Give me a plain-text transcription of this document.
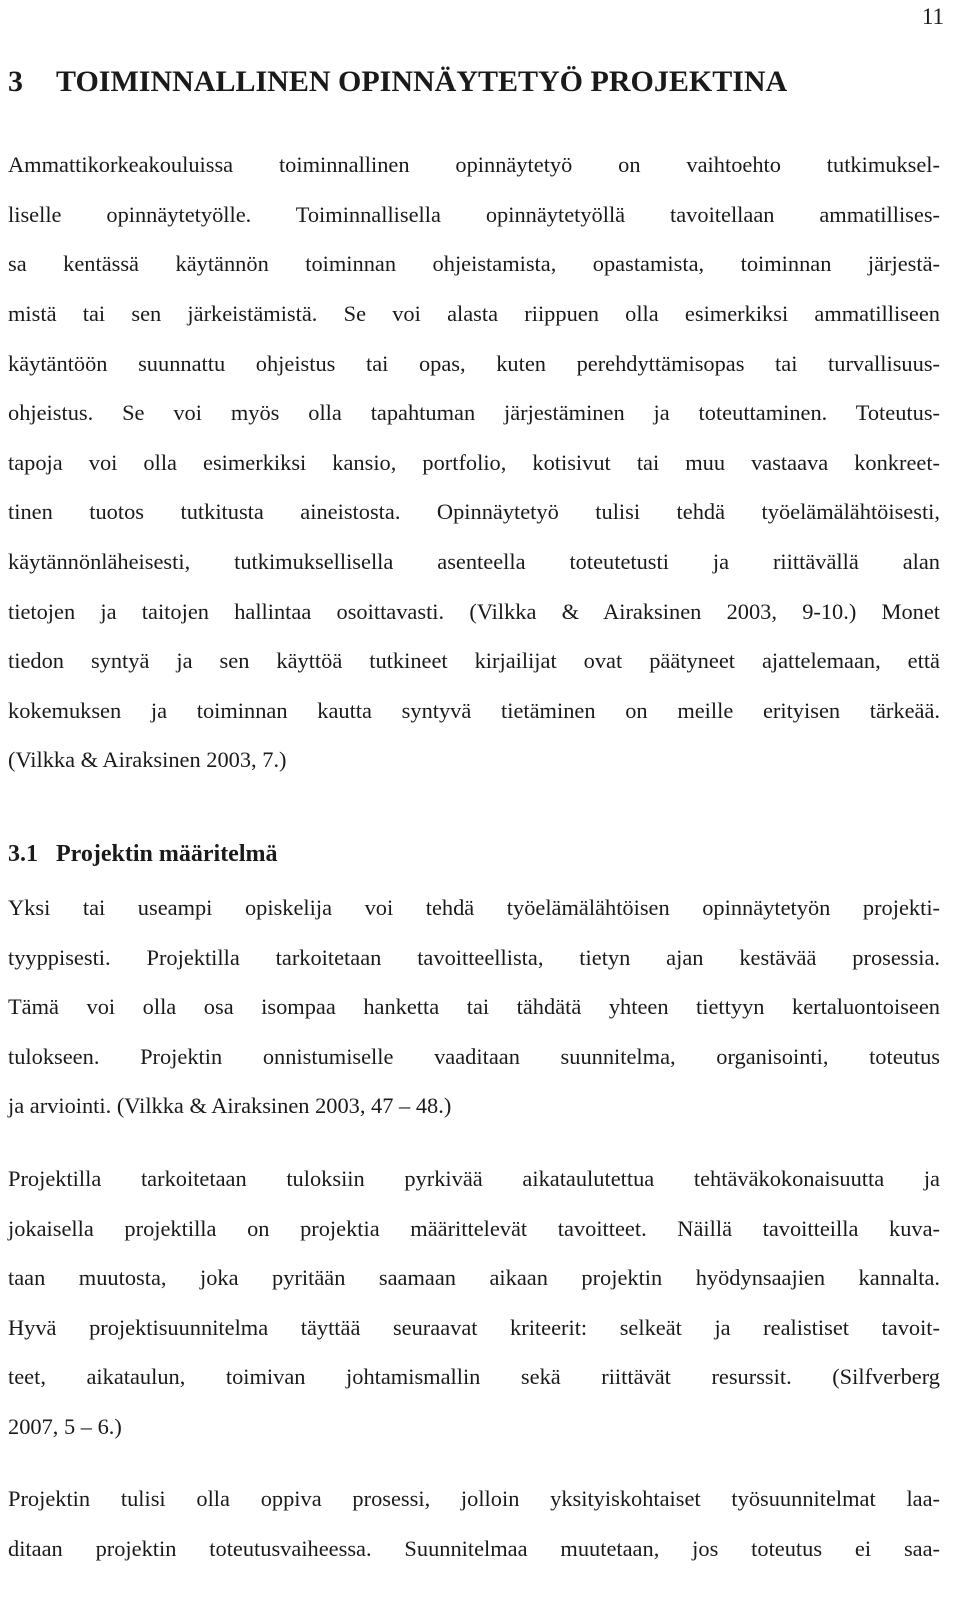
11
3 TOIMINNALLINEN OPINNÄYTETYÖ PROJEKTINA
Ammattikorkeakouluissa toiminnallinen opinnäytetyö on vaihtoehto tutkimuksel-
liselle opinnäytetyölle. Toiminnallisella opinnäytetyöllä tavoitellaan ammatillises-
sa kentässä käytännön toiminnan ohjeistamista, opastamista, toiminnan järjestä-
mistä tai sen järkeistämistä. Se voi alasta riippuen olla esimerkiksi ammatilliseen
käytäntöön suunnattu ohjeistus tai opas, kuten perehdyttämisopas tai turvallisuus-
ohjeistus. Se voi myös olla tapahtuman järjestäminen ja toteuttaminen. Toteutus-
tapoja voi olla esimerkiksi kansio, portfolio, kotisivut tai muu vastaava konkreet-
tinen tuotos tutkitusta aineistosta. Opinnäytetyö tulisi tehdä työelämälähtöisesti,
käytännönläheisesti, tutkimuksellisella asenteella toteutetusti ja riittävällä alan
tietojen ja taitojen hallintaa osoittavasti. (Vilkka & Airaksinen 2003, 9-10.) Monet
tiedon syntyä ja sen käyttöä tutkineet kirjailijat ovat päätyneet ajattelemaan, että
kokemuksen ja toiminnan kautta syntyvä tietäminen on meille erityisen tärkeää.
(Vilkka & Airaksinen 2003, 7.)
3.1 Projektin määritelmä
Yksi tai useampi opiskelija voi tehdä työelämälähtöisen opinnäytetyön projekti-
tyyppisesti. Projektilla tarkoitetaan tavoitteellista, tietyn ajan kestävää prosessia.
Tämä voi olla osa isompaa hanketta tai tähdätä yhteen tiettyyn kertaluontoiseen
tulokseen. Projektin onnistumiselle vaaditaan suunnitelma, organisointi, toteutus
ja arviointi. (Vilkka & Airaksinen 2003, 47 – 48.)
Projektilla tarkoitetaan tuloksiin pyrkivää aikataulutettua tehtäväkokonaisuutta ja
jokaisella projektilla on projektia määrittelevät tavoitteet. Näillä tavoitteilla kuva-
taan muutosta, joka pyritään saamaan aikaan projektin hyödynsaajien kannalta.
Hyvä projektisuunnitelma täyttää seuraavat kriteerit: selkeät ja realistiset tavoit-
teet, aikataulun, toimivan johtamismallin sekä riittävät resurssit. (Silfverberg
2007, 5 – 6.)
Projektin tulisi olla oppiva prosessi, jolloin yksityiskohtaiset työsuunnitelmat laa-
ditaan projektin toteutusvaiheessa. Suunnitelmaa muutetaan, jos toteutus ei saa-
